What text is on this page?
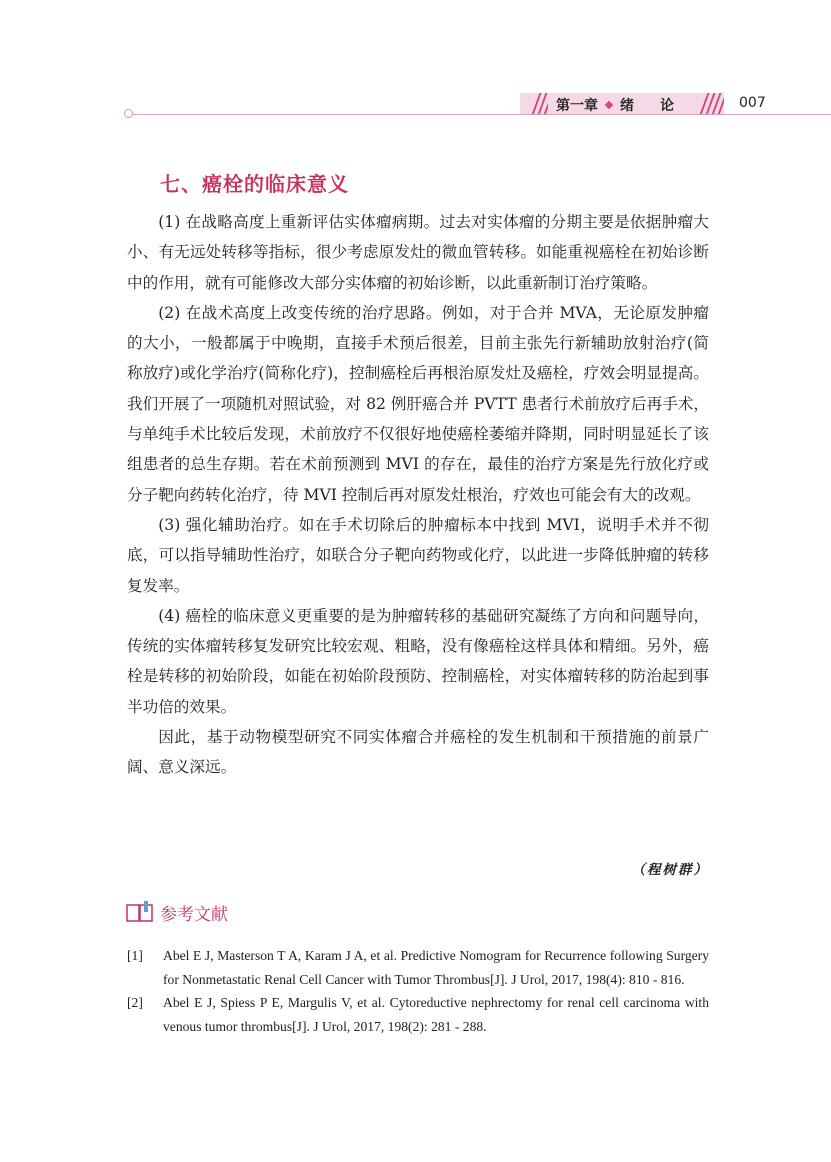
第一章 绪论	007
七、癌栓的临床意义

(1) 在战略高度上重新评估实体瘤病期。过去对实体瘤的分期主要是依据肿瘤大小、有无远处转移等指标，很少考虑原发灶的微血管转移。如能重视癌栓在初始诊断中的作用，就有可能修改大部分实体瘤的初始诊断，以此重新制订治疗策略。

(2) 在战术高度上改变传统的治疗思路。例如，对于合并 MVA，无论原发肿瘤的大小，一般都属于中晚期，直接手术预后很差，目前主张先行新辅助放射治疗(简称放疗)或化学治疗(简称化疗)，控制癌栓后再根治原发灶及癌栓，疗效会明显提高。我们开展了一项随机对照试验，对 82 例肝癌合并 PVTT 患者行术前放疗后再手术，与单纯手术比较后发现，术前放疗不仅很好地使癌栓萎缩并降期，同时明显延长了该组患者的总生存期。若在术前预测到 MVI 的存在，最佳的治疗方案是先行放化疗或分子靶向药转化治疗，待 MVI 控制后再对原发灶根治，疗效也可能会有大的改观。

(3) 强化辅助治疗。如在手术切除后的肿瘤标本中找到 MVI，说明手术并不彻底，可以指导辅助性治疗，如联合分子靶向药物或化疗，以此进一步降低肿瘤的转移复发率。

(4) 癌栓的临床意义更重要的是为肿瘤转移的基础研究凝练了方向和问题导向，传统的实体瘤转移复发研究比较宏观、粗略，没有像癌栓这样具体和精细。另外，癌栓是转移的初始阶段，如能在初始阶段预防、控制癌栓，对实体瘤转移的防治起到事半功倍的效果。

因此，基于动物模型研究不同实体瘤合并癌栓的发生机制和干预措施的前景广阔、意义深远。

（程树群）
参考文献
[1] Abel E J, Masterson T A, Karam J A, et al. Predictive Nomogram for Recurrence following Surgery for Nonmetastatic Renal Cell Cancer with Tumor Thrombus[J]. J Urol, 2017, 198(4): 810 - 816.
[2] Abel E J, Spiess P E, Margulis V, et al. Cytoreductive nephrectomy for renal cell carcinoma with venous tumor thrombus[J]. J Urol, 2017, 198(2): 281 - 288.
